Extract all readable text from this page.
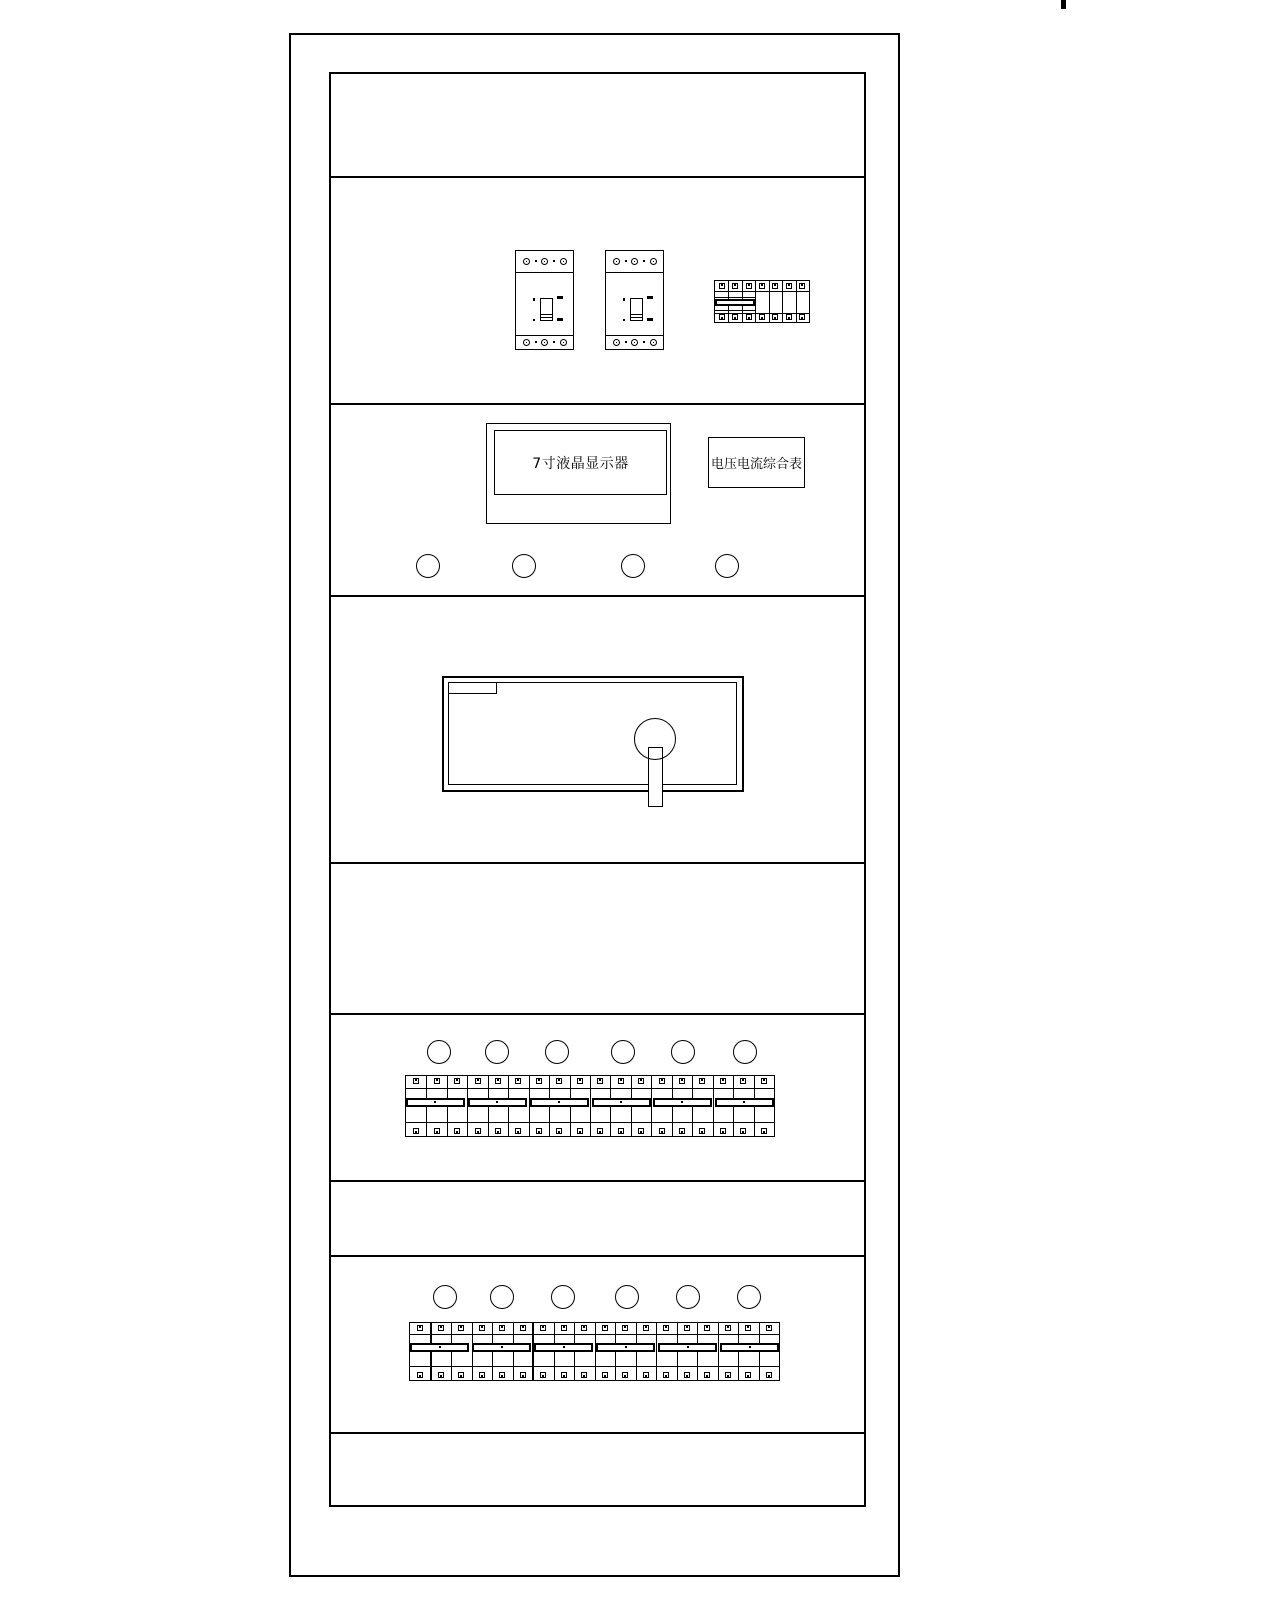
7寸液晶显示器	电压电流综合表
